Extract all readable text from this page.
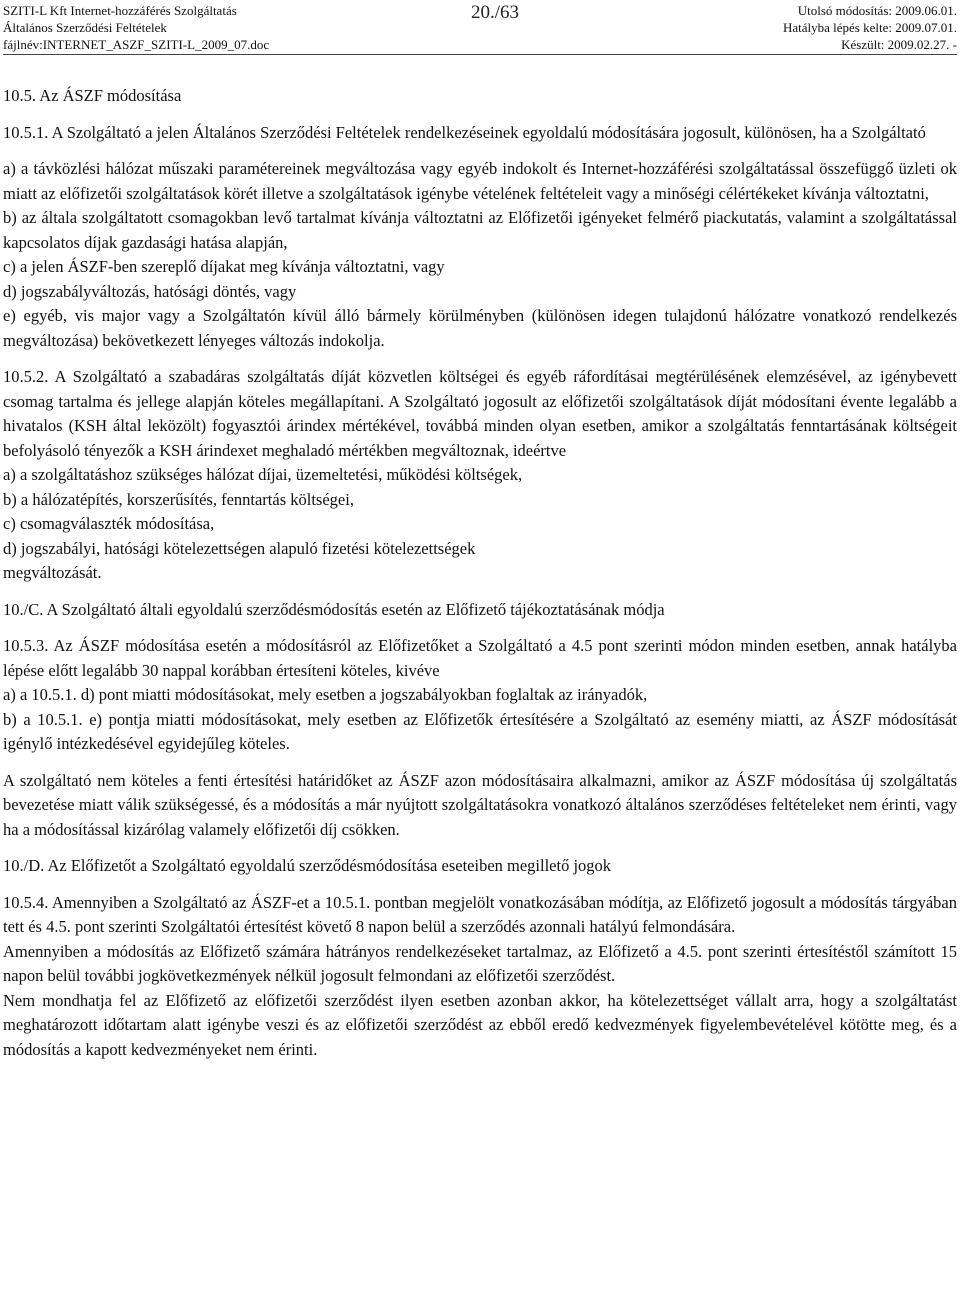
SZITI-L Kft Internet-hozzáférés Szolgáltatás
Általános Szerződési Feltételek
fájlnév:INTERNET_ASZF_SZITI-L_2009_07.doc
20./63	Utolsó módosítás: 2009.06.01.
Hatályba lépés kelte: 2009.07.01.
Készült: 2009.02.27. -

10.5. Az ÁSZF módosítása

10.5.1. A Szolgáltató a jelen Általános Szerződési Feltételek rendelkezéseinek egyoldalú módosítására jogosult, különösen, ha a Szolgáltató

a) a távközlési hálózat műszaki paramétereinek megváltozása vagy egyéb indokolt és Internet-hozzáférési szolgáltatással összefüggő üzleti ok miatt az előfizetői szolgáltatások körét illetve a szolgáltatások igénybe vételének feltételeit vagy a minőségi célértékeket kívánja változtatni,

b) az általa szolgáltatott csomagokban levő tartalmat kívánja változtatni az Előfizetői igényeket felmérő piackutatás, valamint a szolgáltatással kapcsolatos díjak gazdasági hatása alapján,

c) a jelen ÁSZF-ben szereplő díjakat meg kívánja változtatni, vagy

d) jogszabályváltozás, hatósági döntés, vagy

e) egyéb, vis major vagy a Szolgáltatón kívül álló bármely körülményben (különösen idegen tulajdonú hálózatre vonatkozó rendelkezés megváltozása) bekövetkezett lényeges változás indokolja.

10.5.2. A Szolgáltató a szabadáras szolgáltatás díját közvetlen költségei és egyéb ráfordításai megtérülésének elemzésével, az igénybevett csomag tartalma és jellege alapján köteles megállapítani. A Szolgáltató jogosult az előfizetői szolgáltatások díját módosítani évente legalább a hivatalos (KSH által leközölt) fogyasztói árindex mértékével, továbbá minden olyan esetben, amikor a szolgáltatás fenntartásának költségeit befolyásoló tényezők a KSH árindexet meghaladó mértékben megváltoznak, ideértve

a) a szolgáltatáshoz szükséges hálózat díjai, üzemeltetési, működési költségek,

b) a hálózatépítés, korszerűsítés, fenntartás költségei,

c) csomagválaszték módosítása,

d) jogszabályi, hatósági kötelezettségen alapuló fizetési kötelezettségek

megváltozását.

10./C. A Szolgáltató általi egyoldalú szerződésmódosítás esetén az Előfizető tájékoztatásának módja

10.5.3. Az ÁSZF módosítása esetén a módosításról az Előfizetőket a Szolgáltató a 4.5 pont szerinti módon minden esetben, annak hatályba lépése előtt legalább 30 nappal korábban értesíteni köteles, kivéve

a) a 10.5.1. d) pont miatti módosításokat, mely esetben a jogszabályokban foglaltak az irányadók,

b) a 10.5.1. e) pontja miatti módosításokat, mely esetben az Előfizetők értesítésére a Szolgáltató az esemény miatti, az ÁSZF módosítását igénylő intézkedésével egyidejűleg köteles.

A szolgáltató nem köteles a fenti értesítési határidőket az ÁSZF azon módosításaira alkalmazni, amikor az ÁSZF módosítása új szolgáltatás bevezetése miatt válik szükségessé, és a módosítás a már nyújtott szolgáltatásokra vonatkozó általános szerződéses feltételeket nem érinti, vagy ha a módosítással kizárólag valamely előfizetői díj csökken.

10./D. Az Előfizetőt a Szolgáltató egyoldalú szerződésmódosítása eseteiben megillető jogok

10.5.4. Amennyiben a Szolgáltató az ÁSZF-et a 10.5.1. pontban megjelölt vonatkozásában módítja, az Előfizető jogosult a módosítás tárgyában tett és 4.5. pont szerinti Szolgáltatói értesítést követő 8 napon belül a szerződés azonnali hatályú felmondására.

Amennyiben a módosítás az Előfizető számára hátrányos rendelkezéseket tartalmaz, az Előfizető a 4.5. pont szerinti értesítéstől számított 15 napon belül további jogkövetkezmények nélkül jogosult felmondani az előfizetői szerződést.

Nem mondhatja fel az Előfizető az előfizetői szerződést ilyen esetben azonban akkor, ha kötelezettséget vállalt arra, hogy a szolgáltatást meghatározott időtartam alatt igénybe veszi és az előfizetői szerződést az ebből eredő kedvezmények figyelembevételével kötötte meg, és a módosítás a kapott kedvezményeket nem érinti.
